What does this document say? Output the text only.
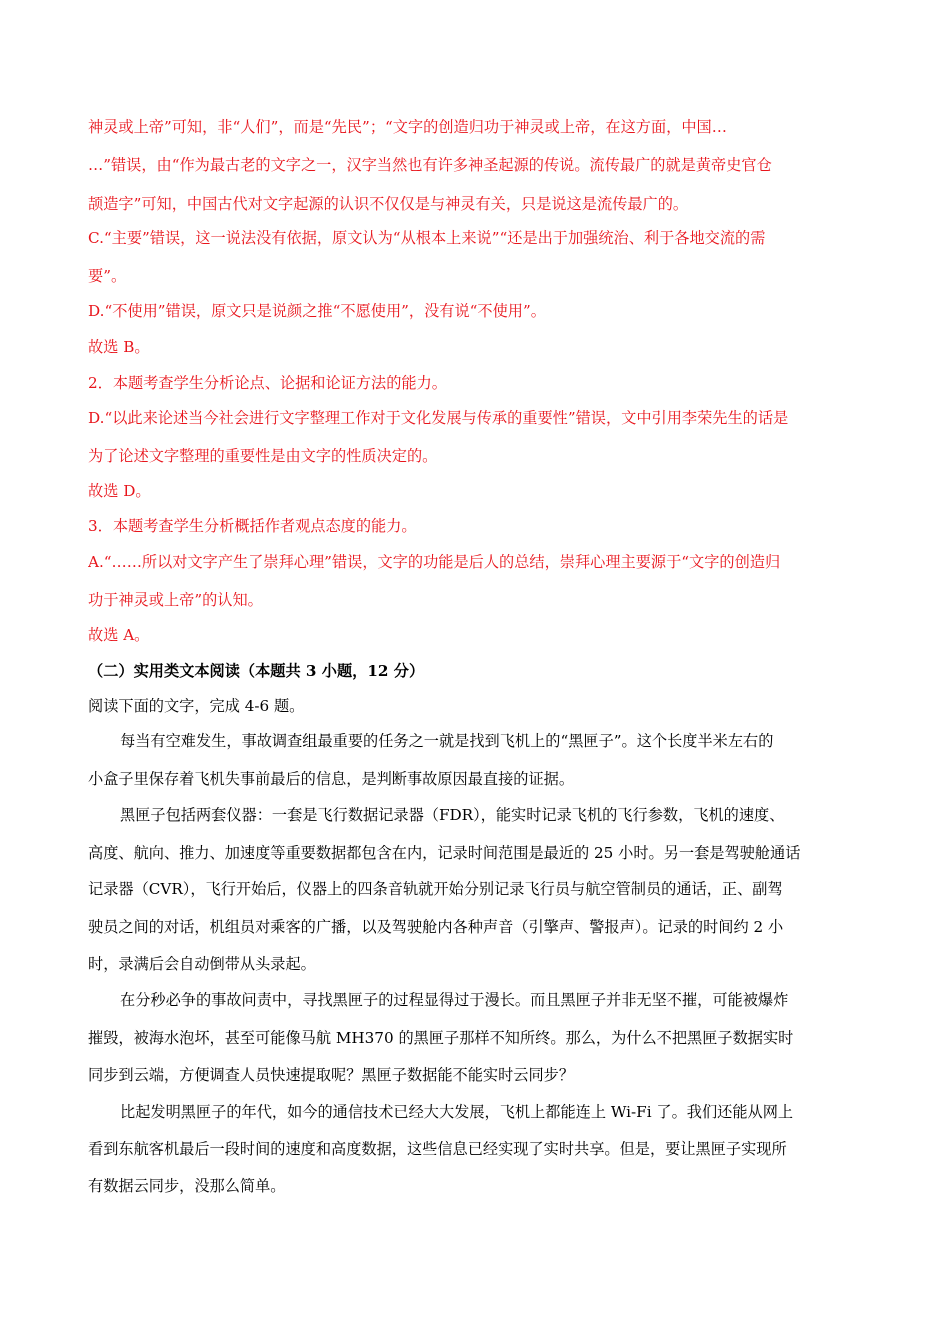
神灵或上帝”可知，非“人们”，而是“先民”；“文字的创造归功于神灵或上帝，在这方面，中国…
…”错误，由“作为最古老的文字之一，汉字当然也有许多神圣起源的传说。流传最广的就是黄帝史官仓
颉造字”可知，中国古代对文字起源的认识不仅仅是与神灵有关，只是说这是流传最广的。
C.“主要”错误，这一说法没有依据，原文认为“从根本上来说”“还是出于加强统治、利于各地交流的需
要”。
D.“不使用”错误，原文只是说颜之推“不愿使用”，没有说“不使用”。
故选 B。
2．本题考查学生分析论点、论据和论证方法的能力。
D.“以此来论述当今社会进行文字整理工作对于文化发展与传承的重要性”错误，文中引用李荣先生的话是
为了论述文字整理的重要性是由文字的性质决定的。
故选 D。
3．本题考查学生分析概括作者观点态度的能力。
A.“……所以对文字产生了崇拜心理”错误，文字的功能是后人的总结，崇拜心理主要源于“文字的创造归
功于神灵或上帝”的认知。
故选 A。
（二）实用类文本阅读（本题共 3 小题，12 分）
阅读下面的文字，完成 4-6 题。
每当有空难发生，事故调查组最重要的任务之一就是找到飞机上的“黑匣子”。这个长度半米左右的
小盒子里保存着飞机失事前最后的信息，是判断事故原因最直接的证据。
黑匣子包括两套仪器：一套是飞行数据记录器（FDR），能实时记录飞机的飞行参数，飞机的速度、
高度、航向、推力、加速度等重要数据都包含在内，记录时间范围是最近的 25 小时。另一套是驾驶舱通话
记录器（CVR），飞行开始后，仪器上的四条音轨就开始分别记录飞行员与航空管制员的通话，正、副驾
驶员之间的对话，机组员对乘客的广播，以及驾驶舱内各种声音（引擎声、警报声）。记录的时间约 2 小
时，录满后会自动倒带从头录起。
在分秒必争的事故问责中，寻找黑匣子的过程显得过于漫长。而且黑匣子并非无坚不摧，可能被爆炸
摧毁，被海水泡坏，甚至可能像马航 MH370 的黑匣子那样不知所终。那么，为什么不把黑匣子数据实时
同步到云端，方便调查人员快速提取呢？黑匣子数据能不能实时云同步？
比起发明黑匣子的年代，如今的通信技术已经大大发展，飞机上都能连上 Wi-Fi 了。我们还能从网上
看到东航客机最后一段时间的速度和高度数据，这些信息已经实现了实时共享。但是，要让黑匣子实现所
有数据云同步，没那么简单。
